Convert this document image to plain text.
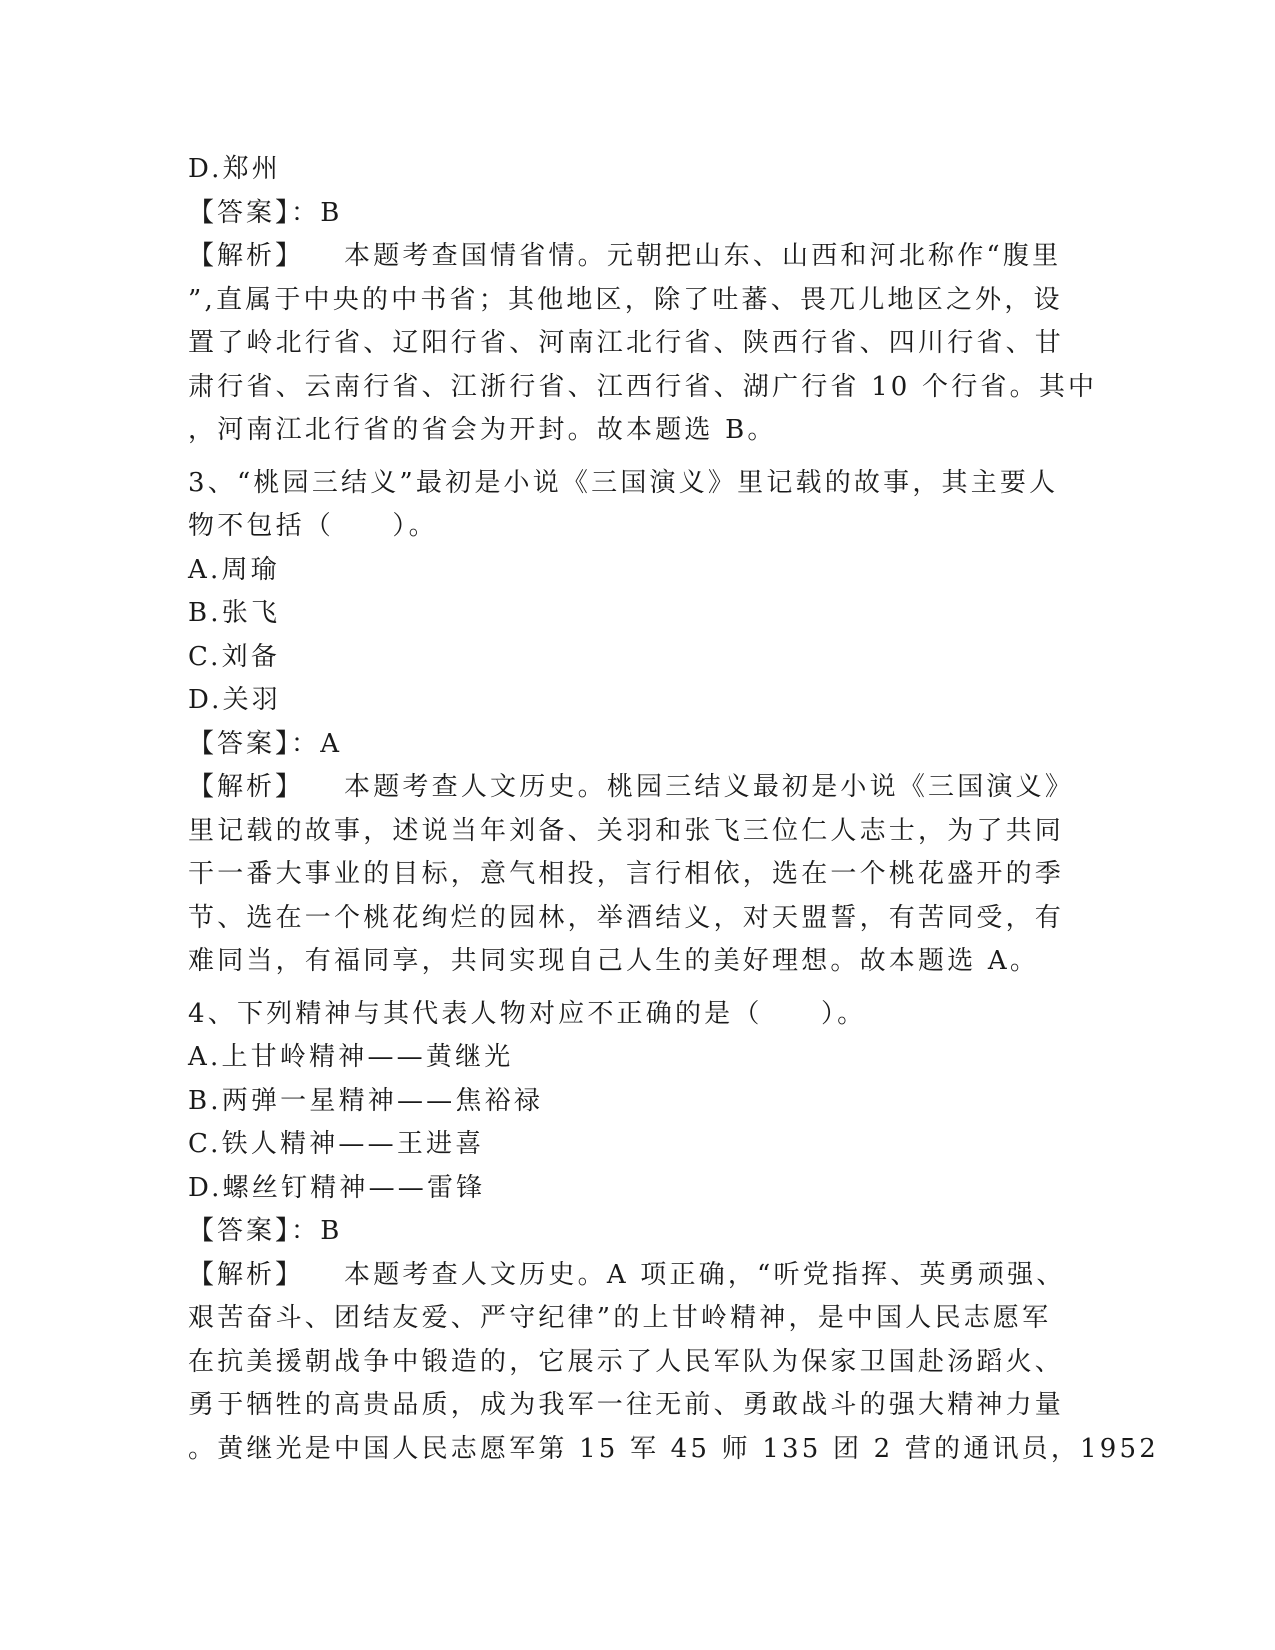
D.郑州
【答案】：B
【解析】 本题考查国情省情。元朝把山东、山西和河北称作“腹里
”,直属于中央的中书省；其他地区，除了吐蕃、畏兀儿地区之外，设
置了岭北行省、辽阳行省、河南江北行省、陕西行省、四川行省、甘
肃行省、云南行省、江浙行省、江西行省、湖广行省 10 个行省。其中
，河南江北行省的省会为开封。故本题选 B。
3、“桃园三结义”最初是小说《三国演义》里记载的故事，其主要人
物不包括（　　）。
A.周瑜
B.张飞
C.刘备
D.关羽
【答案】：A
【解析】 本题考查人文历史。桃园三结义最初是小说《三国演义》
里记载的故事，述说当年刘备、关羽和张飞三位仁人志士，为了共同
干一番大事业的目标，意气相投，言行相依，选在一个桃花盛开的季
节、选在一个桃花绚烂的园林，举酒结义，对天盟誓，有苦同受，有
难同当，有福同享，共同实现自己人生的美好理想。故本题选 A。
4、下列精神与其代表人物对应不正确的是（　　）。
A.上甘岭精神——黄继光
B.两弹一星精神——焦裕禄
C.铁人精神——王进喜
D.螺丝钉精神——雷锋
【答案】：B
【解析】 本题考查人文历史。A 项正确，“听党指挥、英勇顽强、
艰苦奋斗、团结友爱、严守纪律”的上甘岭精神，是中国人民志愿军
在抗美援朝战争中锻造的，它展示了人民军队为保家卫国赴汤蹈火、
勇于牺牲的高贵品质，成为我军一往无前、勇敢战斗的强大精神力量
。黄继光是中国人民志愿军第 15 军 45 师 135 团 2 营的通讯员，1952
